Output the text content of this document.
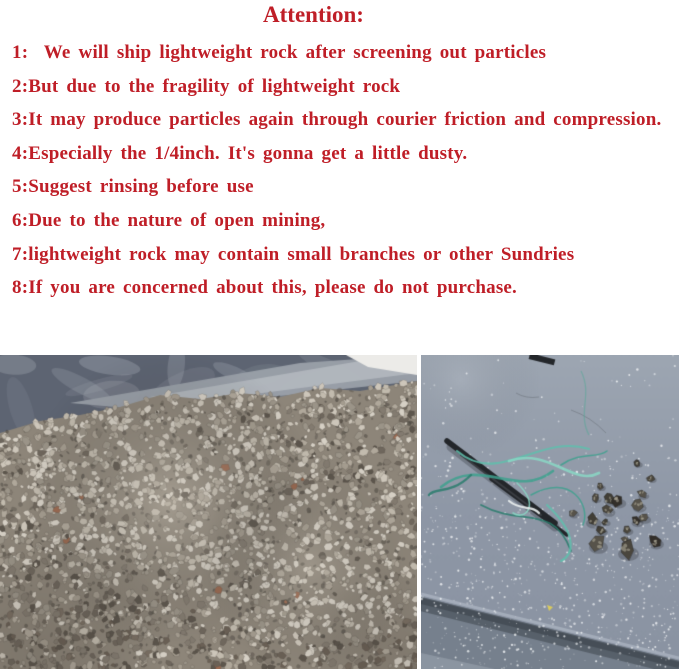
Attention:

1:  We will ship lightweight rock after screening out particles

2:But due to the fragility of lightweight rock

3:It may produce particles again through courier friction and compression.

4:Especially the 1/4inch. It's gonna get a little dusty.

5:Suggest rinsing before use

6:Due to the nature of open mining,

7:lightweight rock may contain small branches or other Sundries

8:If you are concerned about this, please do not purchase.
